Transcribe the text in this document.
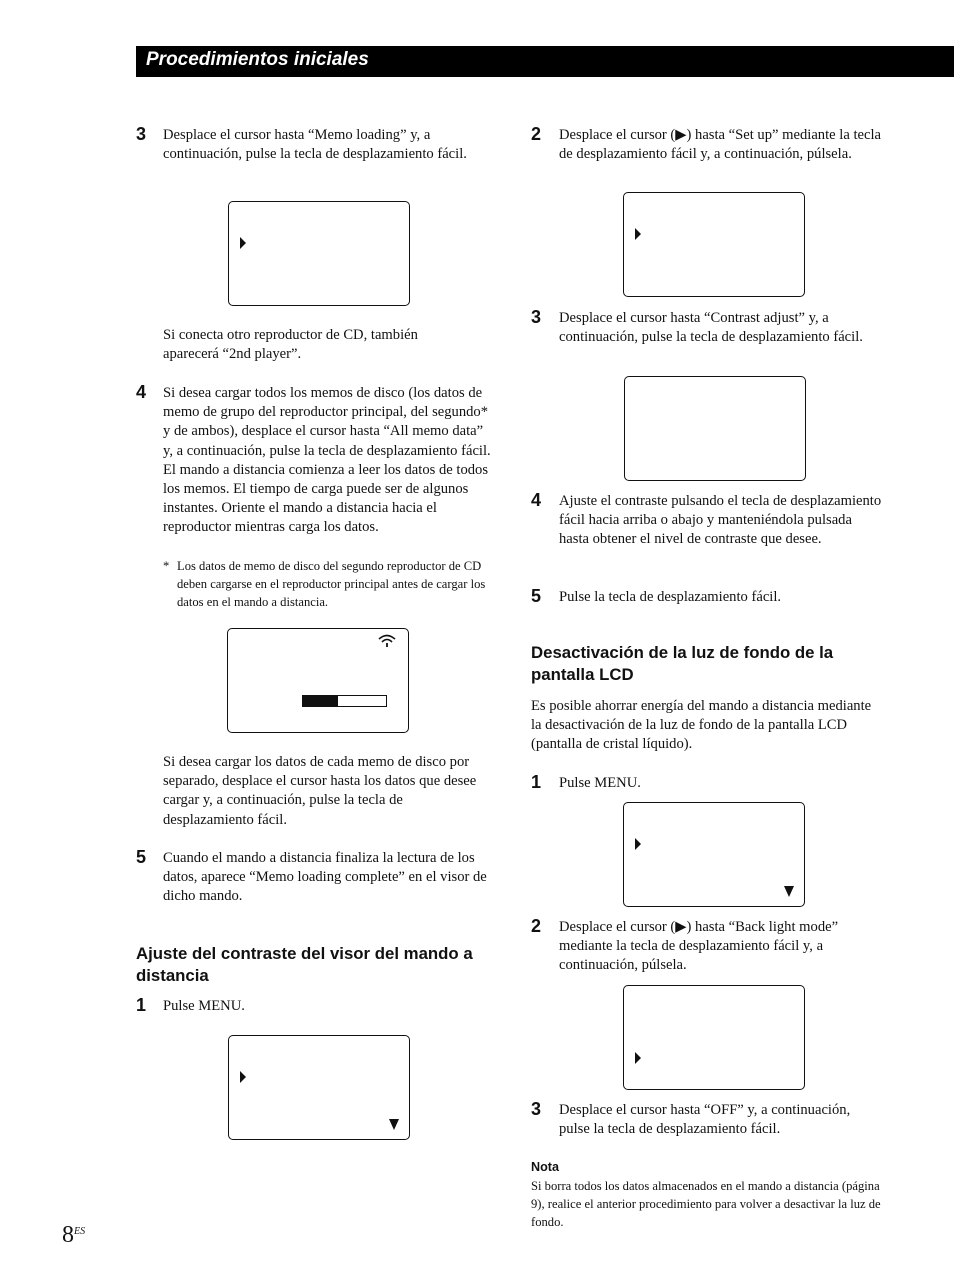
Procedimientos iniciales
3 Desplace el cursor hasta “Memo loading” y, a continuación, pulse la tecla de desplazamiento fácil.
Si conecta otro reproductor de CD, también aparecerá “2nd player”.
4 Si desea cargar todos los memos de disco (los datos de memo de grupo del reproductor principal, del segundo* y de ambos), desplace el cursor hasta “All memo data” y, a continuación, pulse la tecla de desplazamiento fácil.
El mando a distancia comienza a leer los datos de todos los memos. El tiempo de carga puede ser de algunos instantes. Oriente el mando a distancia hacia el reproductor mientras carga los datos.
* Los datos de memo de disco del segundo reproductor de CD deben cargarse en el reproductor principal antes de cargar los datos en el mando a distancia.
Si desea cargar los datos de cada memo de disco por separado, desplace el cursor hasta los datos que desee cargar y, a continuación, pulse la tecla de desplazamiento fácil.
5 Cuando el mando a distancia finaliza la lectura de los datos, aparece “Memo loading complete” en el visor de dicho mando.
Ajuste del contraste del visor del mando a distancia
1 Pulse MENU.
2 Desplace el cursor (▶) hasta “Set up” mediante la tecla de desplazamiento fácil y, a continuación, púlsela.
3 Desplace el cursor hasta “Contrast adjust” y, a continuación, pulse la tecla de desplazamiento fácil.
4 Ajuste el contraste pulsando el tecla de desplazamiento fácil hacia arriba o abajo y manteniéndola pulsada hasta obtener el nivel de contraste que desee.
5 Pulse la tecla de desplazamiento fácil.
Desactivación de la luz de fondo de la pantalla LCD
Es posible ahorrar energía del mando a distancia mediante la desactivación de la luz de fondo de la pantalla LCD (pantalla de cristal líquido).
1 Pulse MENU.
2 Desplace el cursor (▶) hasta “Back light mode” mediante la tecla de desplazamiento fácil y, a continuación, púlsela.
3 Desplace el cursor hasta “OFF” y, a continuación, pulse la tecla de desplazamiento fácil.
Nota
Si borra todos los datos almacenados en el mando a distancia (página 9), realice el anterior procedimiento para volver a desactivar la luz de fondo.
$8^{ES}$
